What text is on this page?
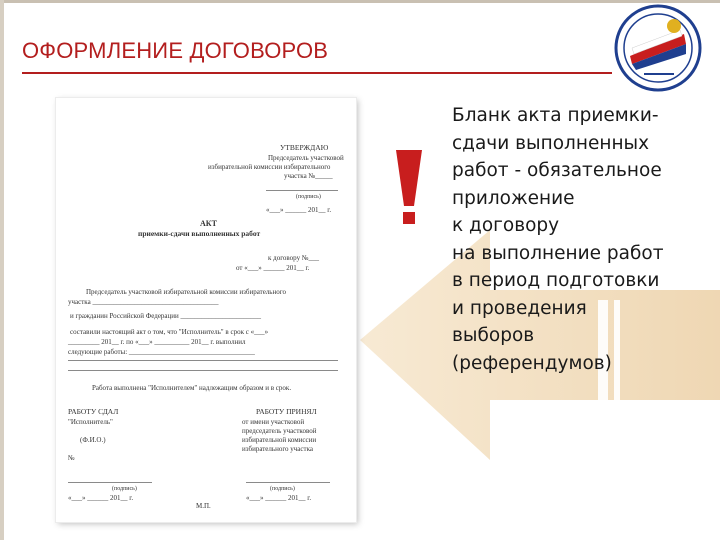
ОФОРМЛЕНИЕ ДОГОВОРОВ
УТВЕРЖДАЮ
Председатель участковой
избирательной комиссии избирательного
участка №_____
(подпись)
«___» ______ 201__ г.
АКТ
приемки-сдачи выполненных работ
к договору №___
от «___» ______ 201__ г.
Председатель участковой избирательной комиссии избирательного
участка ____________________________________
и гражданин Российской Федерации _______________________
составили настоящий акт о том, что "Исполнитель" в срок с «___»
_________ 201__ г. по «___» __________ 201__ г. выполнил
следующие работы: ____________________________________
Работа выполнена "Исполнителем" надлежащим образом и в срок.
РАБОТУ СДАЛ
"Исполнитель"
РАБОТУ ПРИНЯЛ
от имени участковой
председатель участковой
избирательной комиссии
избирательного участка
(Ф.И.О.)
№
(подпись)	(подпись)
«___» ______ 201__ г.	«___» ______ 201__ г.
М.П.
Бланк акта приемки-
сдачи выполненных
работ - обязательное
приложение
к договору
на выполнение работ
в период подготовки
и проведения
выборов
(референдумов)
